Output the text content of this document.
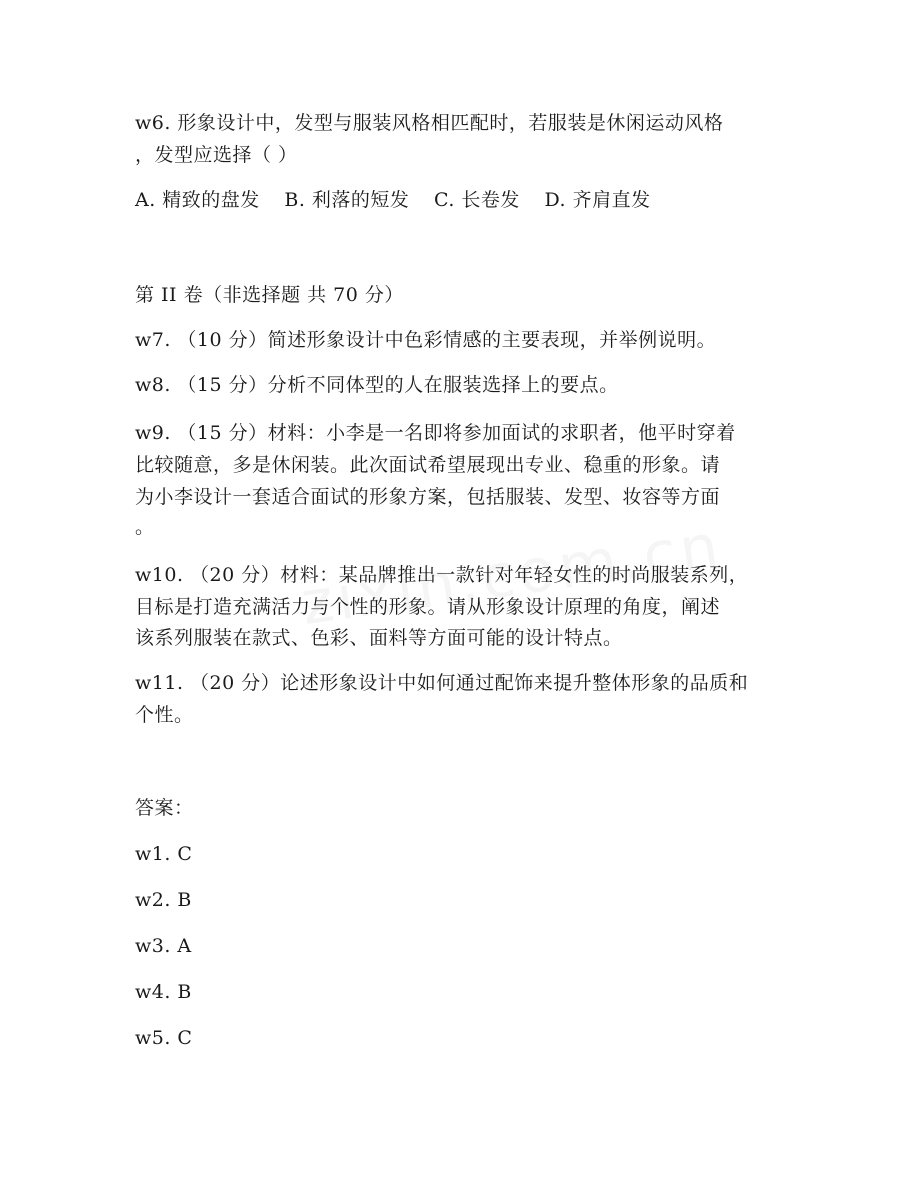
w6. 形象设计中，发型与服装风格相匹配时，若服装是休闲运动风格
，发型应选择（ ）
A. 精致的盘发 B. 利落的短发 C. 长卷发 D. 齐肩直发
第 II 卷（非选择题 共 70 分）
w7. （10 分）简述形象设计中色彩情感的主要表现，并举例说明。
w8. （15 分）分析不同体型的人在服装选择上的要点。
w9. （15 分）材料：小李是一名即将参加面试的求职者，他平时穿着
比较随意，多是休闲装。此次面试希望展现出专业、稳重的形象。请
为小李设计一套适合面试的形象方案，包括服装、发型、妆容等方面
。
w10. （20 分）材料：某品牌推出一款针对年轻女性的时尚服装系列，
目标是打造充满活力与个性的形象。请从形象设计原理的角度，阐述
该系列服装在款式、色彩、面料等方面可能的设计特点。
w11. （20 分）论述形象设计中如何通过配饰来提升整体形象的品质和
个性。
答案：
w1. C
w2. B
w3. A
w4. B
w5. C
